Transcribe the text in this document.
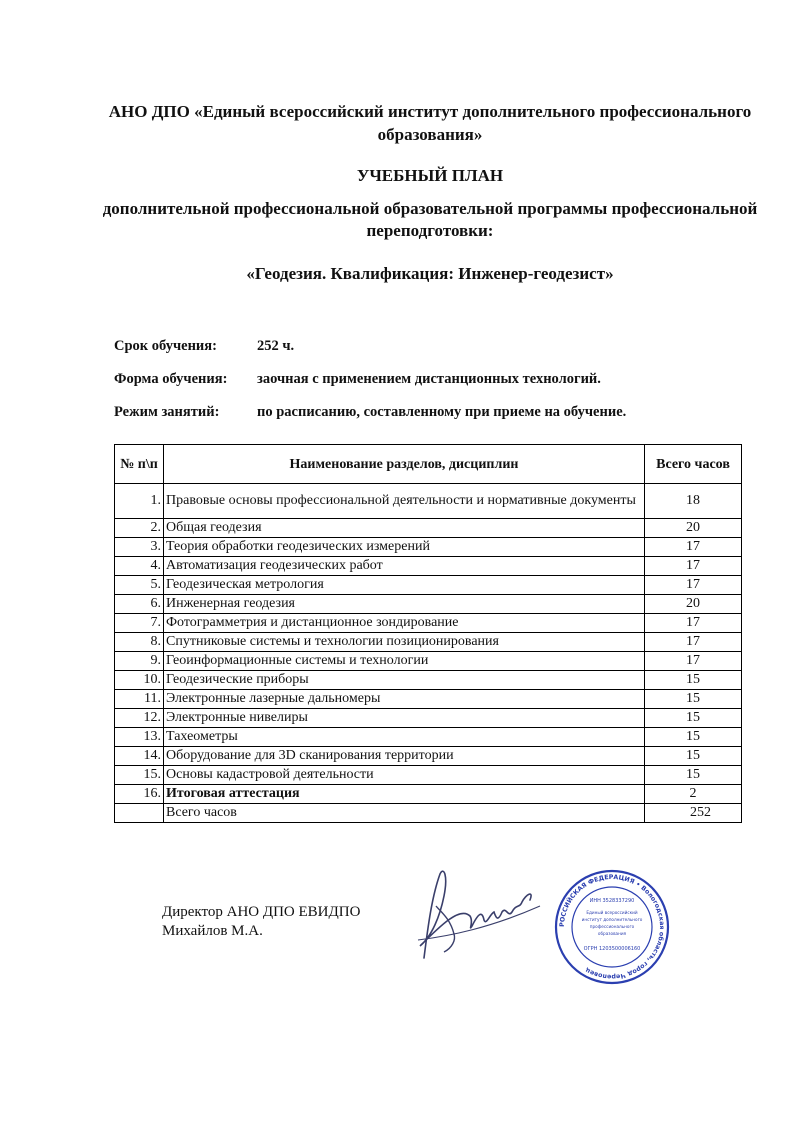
АНО ДПО «Единый всероссийский институт дополнительного профессионального образования»
УЧЕБНЫЙ ПЛАН
дополнительной профессиональной образовательной программы профессиональной переподготовки:
«Геодезия. Квалификация: Инженер-геодезист»
Срок обучения:	252 ч.
Форма обучения: заочная с применением дистанционных технологий.
Режим занятий:	по расписанию, составленному при приеме на обучение.
№ п\п	Наименование разделов, дисциплин	Всего часов
1.	Правовые основы профессиональной деятельности и нормативные документы	18
2.	Общая геодезия	20
3.	Теория обработки геодезических измерений	17
4.	Автоматизация геодезических работ	17
5.	Геодезическая метрология	17
6.	Инженерная геодезия	20
7.	Фотограмметрия и дистанционное зондирование	17
8.	Спутниковые системы и технологии позиционирования	17
9.	Геоинформационные системы и технологии	17
10.	Геодезические приборы	15
11.	Электронные лазерные дальномеры	15
12.	Электронные нивелиры	15
13.	Тахеометры	15
14.	Оборудование для 3D сканирования территории	15
15.	Основы кадастровой деятельности	15
16.	Итоговая аттестация	2
	Всего часов	252
Директор АНО ДПО ЕВИДПО
Михайлов М.А.	РОССИЙСКАЯ ФЕДЕРАЦИЯ • Вологодская область, город Череповец
ИНН 3528337290
Единый всероссийский
институт дополнительного
профессионального
образования
ОГРН 1203500006160
